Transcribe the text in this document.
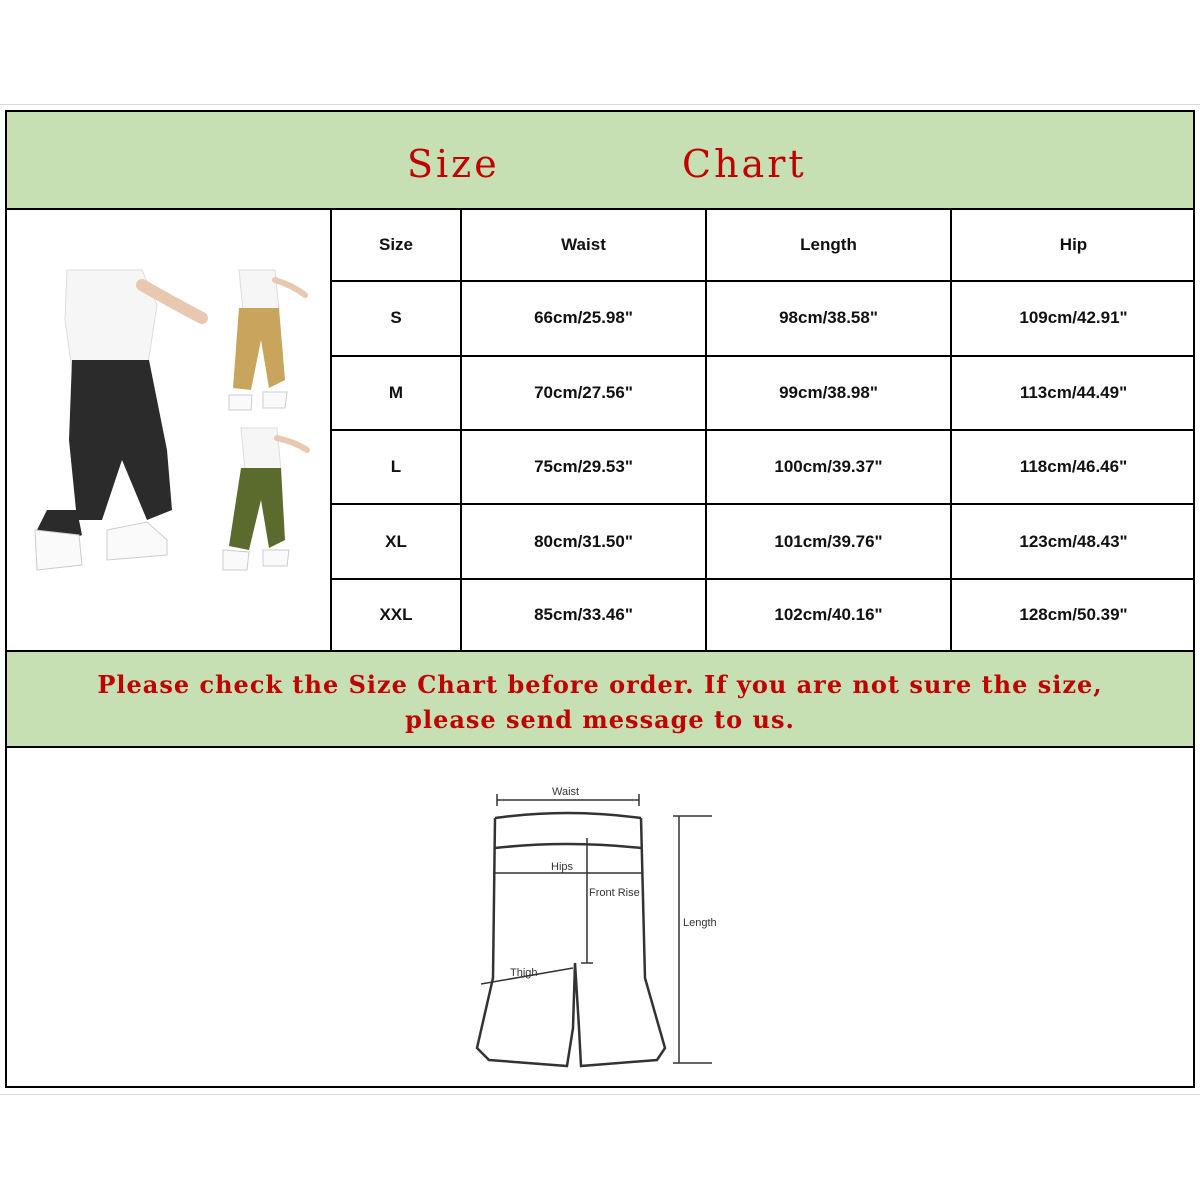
Size	Chart
Size	Waist	Length	Hip
S	66cm/25.98"	98cm/38.58"	109cm/42.91"
M	70cm/27.56"	99cm/38.98"	113cm/44.49"
L	75cm/29.53"	100cm/39.37"	118cm/46.46"
XL	80cm/31.50"	101cm/39.76"	123cm/48.43"
XXL	85cm/33.46"	102cm/40.16"	128cm/50.39"
Please check the Size Chart before order. If you are not sure the size,
please send message to us.
Waist
Hips
Front Rise
Thigh
Length
